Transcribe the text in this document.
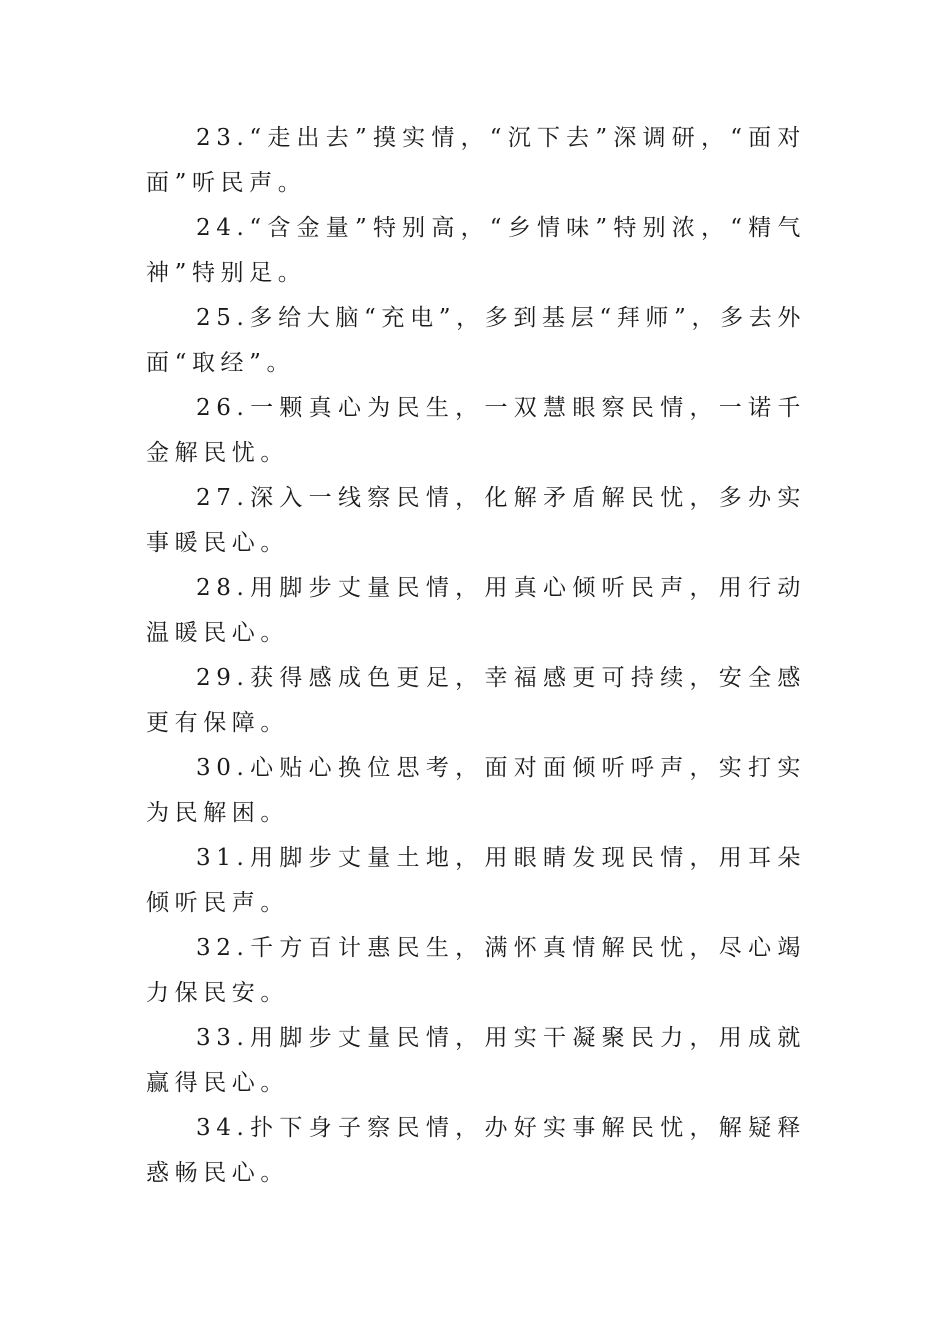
23.“走出去”摸实情，“沉下去”深调研，“面对面”听民声。

24.“含金量”特别高，“乡情味”特别浓，“精气神”特别足。

25.多给大脑“充电”，多到基层“拜师”，多去外面“取经”。

26.一颗真心为民生，一双慧眼察民情，一诺千金解民忧。

27.深入一线察民情，化解矛盾解民忧，多办实事暖民心。

28.用脚步丈量民情，用真心倾听民声，用行动温暖民心。

29.获得感成色更足，幸福感更可持续，安全感更有保障。

30.心贴心换位思考，面对面倾听呼声，实打实为民解困。

31.用脚步丈量土地，用眼睛发现民情，用耳朵倾听民声。

32.千方百计惠民生，满怀真情解民忧，尽心竭力保民安。

33.用脚步丈量民情，用实干凝聚民力，用成就赢得民心。

34.扑下身子察民情，办好实事解民忧，解疑释惑畅民心。
